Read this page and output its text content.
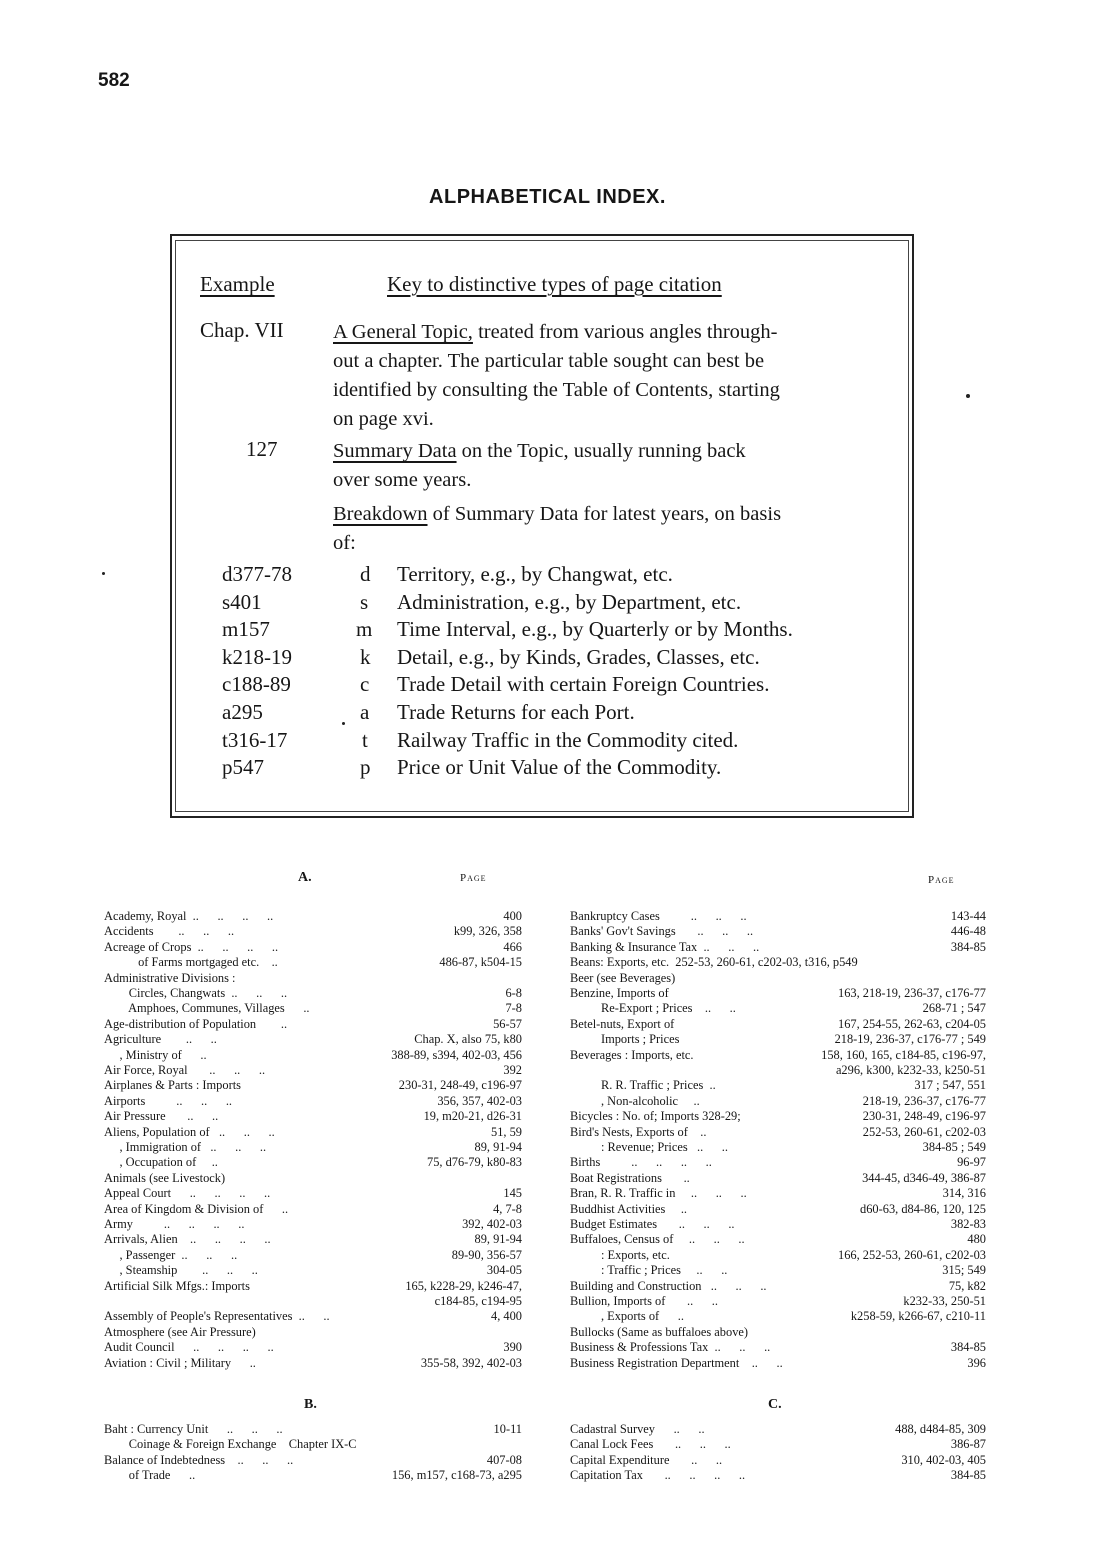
582
ALPHABETICAL INDEX.
Example	Key to distinctive types of page citation
Chap. VII A General Topic, treated from various angles through-
out a chapter. The particular table sought can best be
identified by consulting the Table of Contents, starting
on page xvi.
127	Summary Data on the Topic, usually running back
over some years.
Breakdown of Summary Data for latest years, on basis
of:
d377-78	d Territory, e.g., by Changwat, etc.
s401	s Administration, e.g., by Department, etc.
m157	m Time Interval, e.g., by Quarterly or by Months.
k218-19	k Detail, e.g., by Kinds, Grades, Classes, etc.
c188-89	c Trade Detail with certain Foreign Countries.
a295	a Trade Returns for each Port.
t316-17	t Railway Traffic in the Commodity cited.
p547	p Price or Unit Value of the Commodity.
A.	Page	Page
Academy, Royal  ..      ..      ..      ..	400
Accidents        ..      ..      ..	k99, 326, 358
Acreage of Crops  ..      ..      ..      ..	466
of Farms mortgaged etc.    ..	486-87, k504-15
Administrative Divisions :
Circles, Changwats  ..      ..      ..	6-8
Amphoes, Communes, Villages      ..	7-8
Age-distribution of Population        ..	56-57
Agriculture        ..      ..	Chap. X, also 75, k80
, Ministry of      ..	388-89, s394, 402-03, 456
Air Force, Royal       ..      ..      ..	392
Airplanes & Parts : Imports	230-31, 248-49, c196-97
Airports          ..      ..      ..	356, 357, 402-03
Air Pressure       ..      ..	19, m20-21, d26-31
Aliens, Population of   ..      ..      ..	51, 59
, Immigration of   ..      ..      ..	89, 91-94
, Occupation of     ..	75, d76-79, k80-83
Animals (see Livestock)
Appeal Court      ..      ..      ..      ..	145
Area of Kingdom & Division of      ..	4, 7-8
Army          ..      ..      ..      ..	392, 402-03
Arrivals, Alien    ..      ..      ..      ..	89, 91-94
, Passenger  ..      ..      ..	89-90, 356-57
, Steamship        ..      ..      ..	304-05
Artificial Silk Mfgs.: Imports	165, k228-29, k246-47,
c184-85, c194-95
Assembly of People's Representatives  ..      ..	4, 400
Atmosphere (see Air Pressure)
Audit Council      ..      ..      ..      ..	390
Aviation : Civil ; Military      ..	355-58, 392, 402-03
Bankruptcy Cases          ..      ..      ..	143-44
Banks' Gov't Savings       ..      ..      ..	446-48
Banking & Insurance Tax  ..      ..      ..	384-85
Beans: Exports, etc.  252-53, 260-61, c202-03, t316, p549
Beer (see Beverages)
Benzine, Imports of	163, 218-19, 236-37, c176-77
Re-Export ; Prices    ..      ..	268-71 ; 547
Betel-nuts, Export of	167, 254-55, 262-63, c204-05
Imports ; Prices	218-19, 236-37, c176-77 ; 549
Beverages : Imports, etc.	158, 160, 165, c184-85, c196-97,
a296, k300, k232-33, k250-51
R. R. Traffic ; Prices  ..	317 ; 547, 551
, Non-alcoholic     ..	218-19, 236-37, c176-77
Bicycles : No. of; Imports 328-29;	230-31, 248-49, c196-97
Bird's Nests, Exports of    ..	252-53, 260-61, c202-03
: Revenue; Prices   ..      ..	384-85 ; 549
Births          ..      ..      ..      ..	96-97
Boat Registrations       ..	344-45, d346-49, 386-87
Bran, R. R. Traffic in     ..      ..      ..	314, 316
Buddhist Activities     ..	d60-63, d84-86, 120, 125
Budget Estimates       ..      ..      ..	382-83
Buffaloes, Census of     ..      ..      ..	480
: Exports, etc.	166, 252-53, 260-61, c202-03
: Traffic ; Prices     ..      ..	315; 549
Building and Construction   ..      ..      ..	75, k82
Bullion, Imports of       ..      ..	k232-33, 250-51
, Exports of      ..	k258-59, k266-67, c210-11
Bullocks (Same as buffaloes above)
Business & Professions Tax  ..      ..      ..	384-85
Business Registration Department    ..      ..	396
B.	C.
Baht : Currency Unit      ..      ..      ..	10-11
Coinage & Foreign Exchange    Chapter IX-C
Balance of Indebtedness    ..      ..      ..	407-08
of Trade      ..	156, m157, c168-73, a295
Cadastral Survey      ..      ..	488, d484-85, 309
Canal Lock Fees       ..      ..      ..	386-87
Capital Expenditure       ..      ..	310, 402-03, 405
Capitation Tax       ..      ..      ..      ..	384-85
